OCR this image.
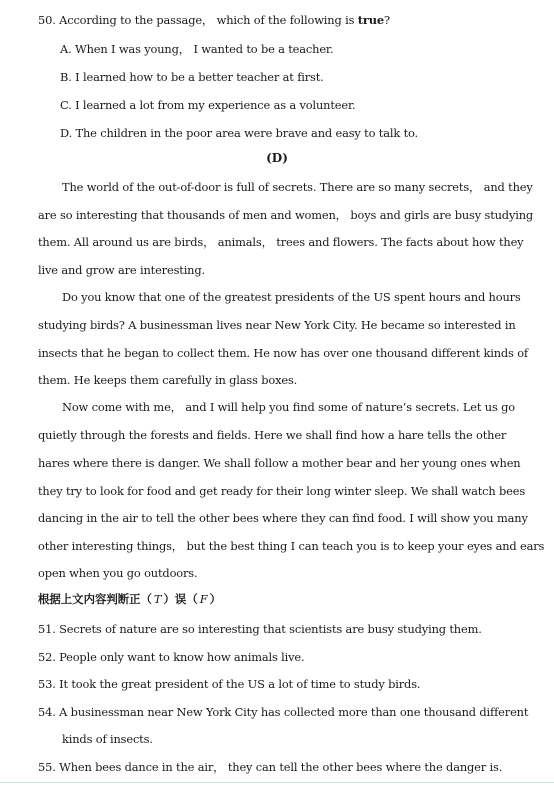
50. According to the passage， which of the following is true?
A. When I was young， I wanted to be a teacher.
B. I learned how to be a better teacher at first.
C. I learned a lot from my experience as a volunteer.
D. The children in the poor area were brave and easy to talk to.
(D)
The world of the out-of-door is full of secrets. There are so many secrets， and they
are so interesting that thousands of men and women， boys and girls are busy studying
them. All around us are birds， animals， trees and flowers. The facts about how they
live and grow are interesting.
Do you know that one of the greatest presidents of the US spent hours and hours
studying birds? A businessman lives near New York City. He became so interested in
insects that he began to collect them. He now has over one thousand different kinds of
them. He keeps them carefully in glass boxes.
Now come with me， and I will help you find some of nature’s secrets. Let us go
quietly through the forests and fields. Here we shall find how a hare tells the other
hares where there is danger. We shall follow a mother bear and her young ones when
they try to look for food and get ready for their long winter sleep. We shall watch bees
dancing in the air to tell the other bees where they can find food. I will show you many
other interesting things， but the best thing I can teach you is to keep your eyes and ears
open when you go outdoors.
根据上文内容判断正（ T ）误（ F ）
51. Secrets of nature are so interesting that scientists are busy studying them.
52. People only want to know how animals live.
53. It took the great president of the US a lot of time to study birds.
54. A businessman near New York City has collected more than one thousand different
kinds of insects.
55. When bees dance in the air， they can tell the other bees where the danger is.
